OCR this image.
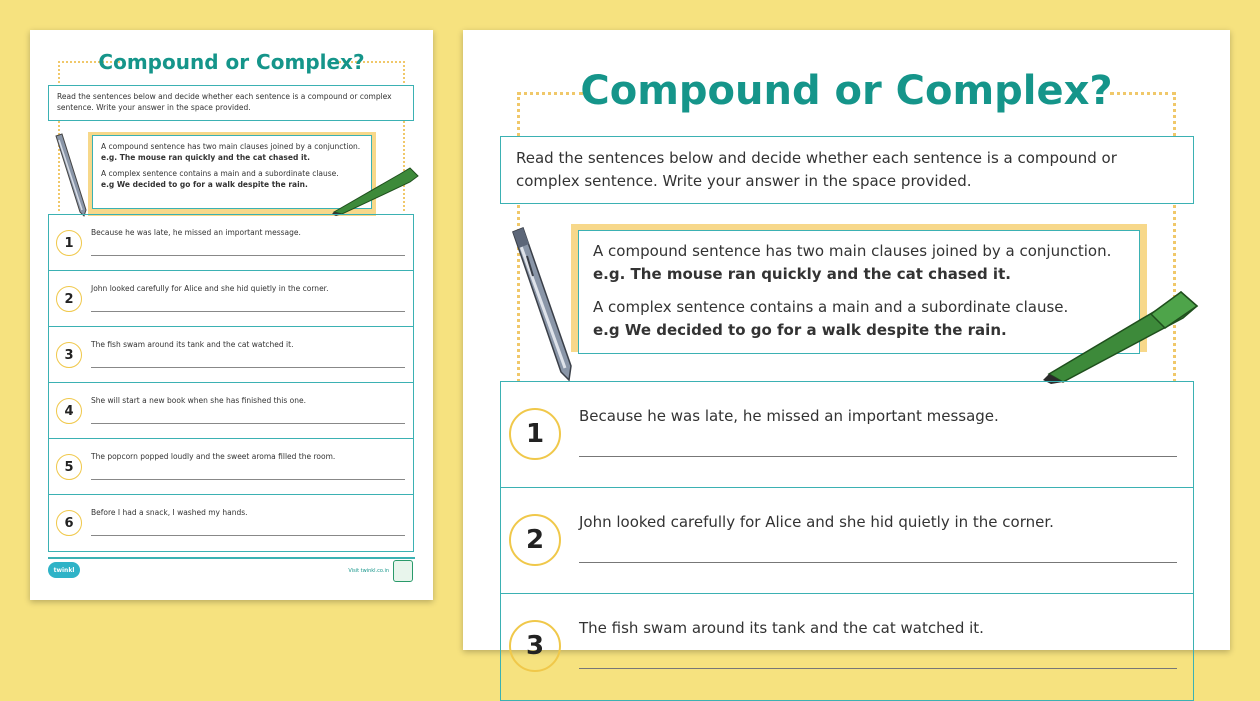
Compound or Complex?
Read the sentences below and decide whether each sentence is a compound or complex sentence. Write your answer in the space provided.

A compound sentence has two main clauses joined by a conjunction.
e.g. The mouse ran quickly and the cat chased it.

A complex sentence contains a main and a subordinate clause.
e.g We decided to go for a walk despite the rain.

1
Because he was late, he missed an important message.
2
John looked carefully for Alice and she hid quietly in the corner.
3
The fish swam around its tank and the cat watched it.
4
She will start a new book when she has finished this one.
5
The popcorn popped loudly and the sweet aroma filled the room.
6
Before I had a snack, I washed my hands.
twinkl	Visit twinkl.co.in
Compound or Complex?
Read the sentences below and decide whether each sentence is a compound or complex sentence. Write your answer in the space provided.

A compound sentence has two main clauses joined by a conjunction.
e.g. The mouse ran quickly and the cat chased it.

A complex sentence contains a main and a subordinate clause.
e.g We decided to go for a walk despite the rain.

1
Because he was late, he missed an important message.
2
John looked carefully for Alice and she hid quietly in the corner.
3
The fish swam around its tank and the cat watched it.
